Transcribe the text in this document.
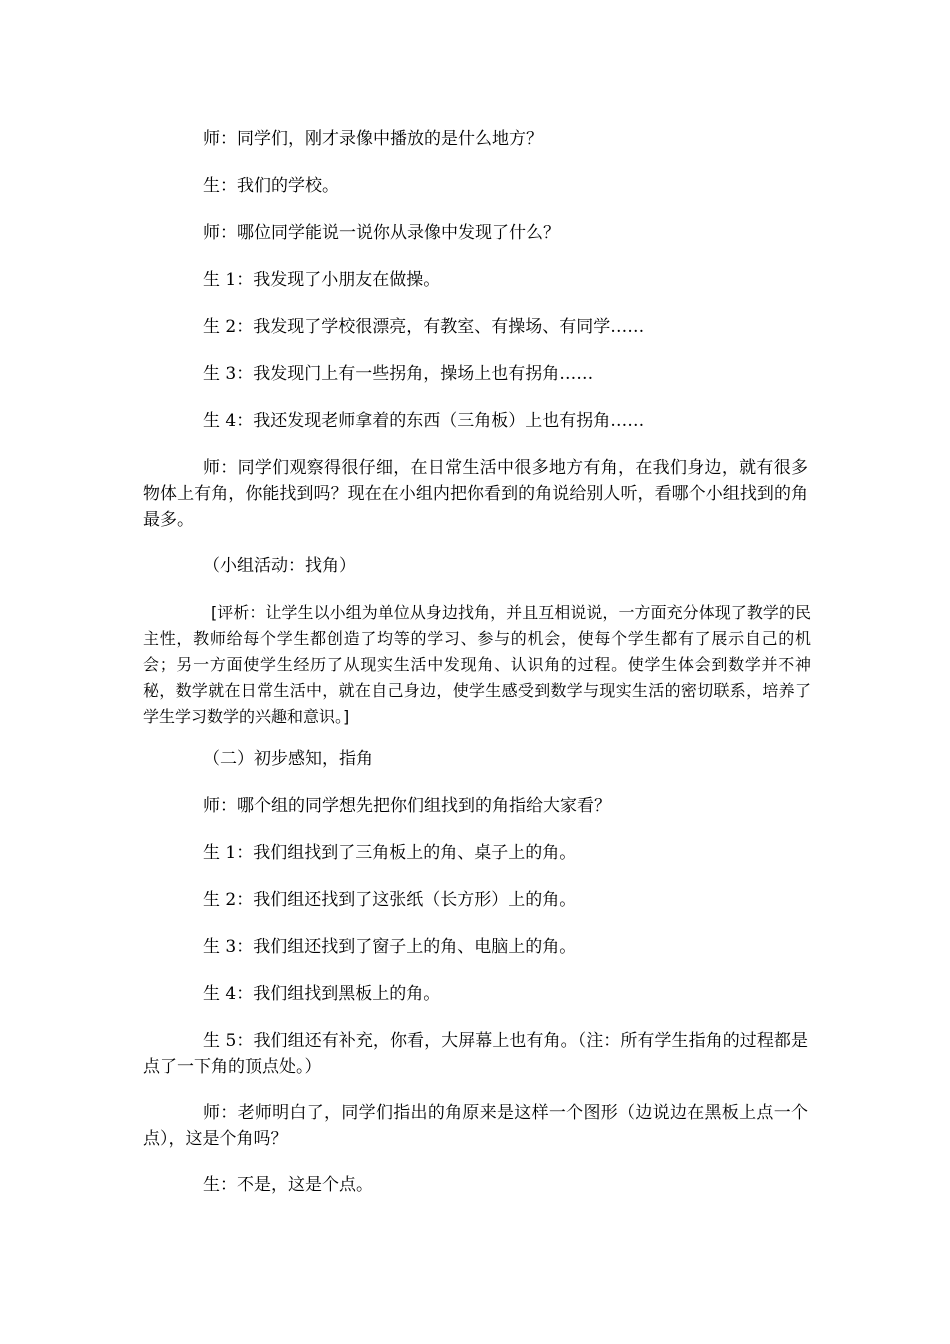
师：同学们，刚才录像中播放的是什么地方？

生：我们的学校。

师：哪位同学能说一说你从录像中发现了什么？

生 1：我发现了小朋友在做操。

生 2：我发现了学校很漂亮，有教室、有操场、有同学……

生 3：我发现门上有一些拐角，操场上也有拐角……

生 4：我还发现老师拿着的东西（三角板）上也有拐角……

师：同学们观察得很仔细，在日常生活中很多地方有角，在我们身边，就有很多物体上有角，你能找到吗？现在在小组内把你看到的角说给别人听，看哪个小组找到的角最多。

（小组活动：找角）

[评析：让学生以小组为单位从身边找角，并且互相说说，一方面充分体现了教学的民主性，教师给每个学生都创造了均等的学习、参与的机会，使每个学生都有了展示自己的机会；另一方面使学生经历了从现实生活中发现角、认识角的过程。使学生体会到数学并不神秘，数学就在日常生活中，就在自己身边，使学生感受到数学与现实生活的密切联系，培养了学生学习数学的兴趣和意识。]

（二）初步感知，指角

师：哪个组的同学想先把你们组找到的角指给大家看？

生 1：我们组找到了三角板上的角、桌子上的角。

生 2：我们组还找到了这张纸（长方形）上的角。

生 3：我们组还找到了窗子上的角、电脑上的角。

生 4：我们组找到黑板上的角。

生 5：我们组还有补充，你看，大屏幕上也有角。（注：所有学生指角的过程都是点了一下角的顶点处。）

师：老师明白了，同学们指出的角原来是这样一个图形（边说边在黑板上点一个点），这是个角吗？

生：不是，这是个点。
